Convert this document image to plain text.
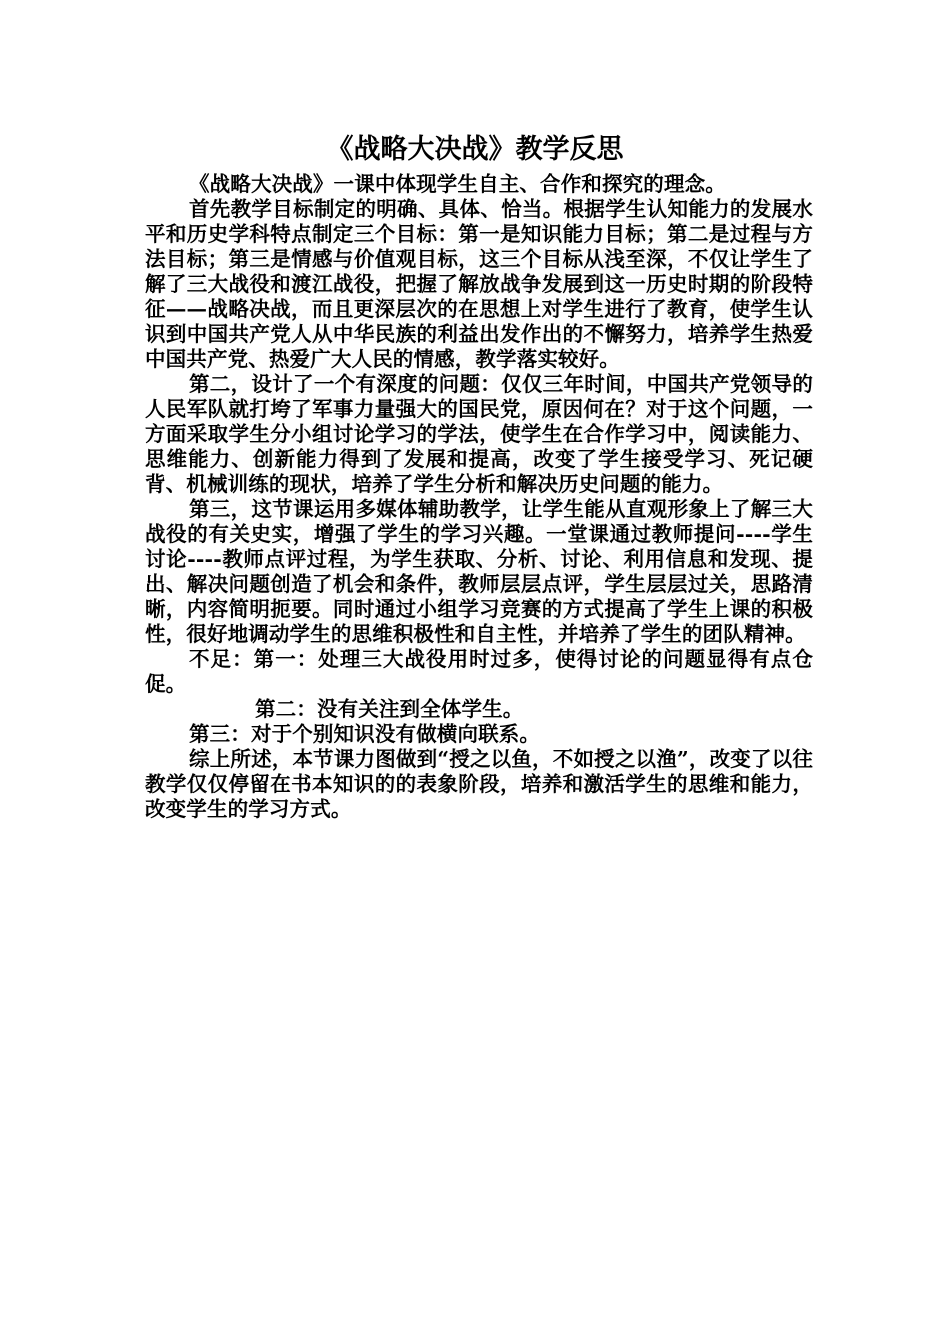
《战略大决战》教学反思

《战略大决战》一课中体现学生自主、合作和探究的理念。

首先教学目标制定的明确、具体、恰当。根据学生认知能力的发展水平和历史学科特点制定三个目标：第一是知识能力目标；第二是过程与方法目标；第三是情感与价值观目标，这三个目标从浅至深，不仅让学生了解了三大战役和渡江战役，把握了解放战争发展到这一历史时期的阶段特征——战略决战，而且更深层次的在思想上对学生进行了教育，使学生认识到中国共产党人从中华民族的利益出发作出的不懈努力，培养学生热爱中国共产党、热爱广大人民的情感，教学落实较好。

第二，设计了一个有深度的问题：仅仅三年时间，中国共产党领导的人民军队就打垮了军事力量强大的国民党，原因何在？对于这个问题，一方面采取学生分小组讨论学习的学法，使学生在合作学习中，阅读能力、思维能力、创新能力得到了发展和提高，改变了学生接受学习、死记硬背、机械训练的现状，培养了学生分析和解决历史问题的能力。

第三，这节课运用多媒体辅助教学，让学生能从直观形象上了解三大战役的有关史实，增强了学生的学习兴趣。一堂课通过教师提问----学生讨论----教师点评过程，为学生获取、分析、讨论、利用信息和发现、提出、解决问题创造了机会和条件，教师层层点评，学生层层过关，思路清晰，内容简明扼要。同时通过小组学习竞赛的方式提高了学生上课的积极性，很好地调动学生的思维积极性和自主性，并培养了学生的团队精神。

不足：第一：处理三大战役用时过多，使得讨论的问题显得有点仓促。

第二：没有关注到全体学生。

第三：对于个别知识没有做横向联系。

综上所述，本节课力图做到“授之以鱼，不如授之以渔”，改变了以往教学仅仅停留在书本知识的的表象阶段，培养和激活学生的思维和能力，改变学生的学习方式。
